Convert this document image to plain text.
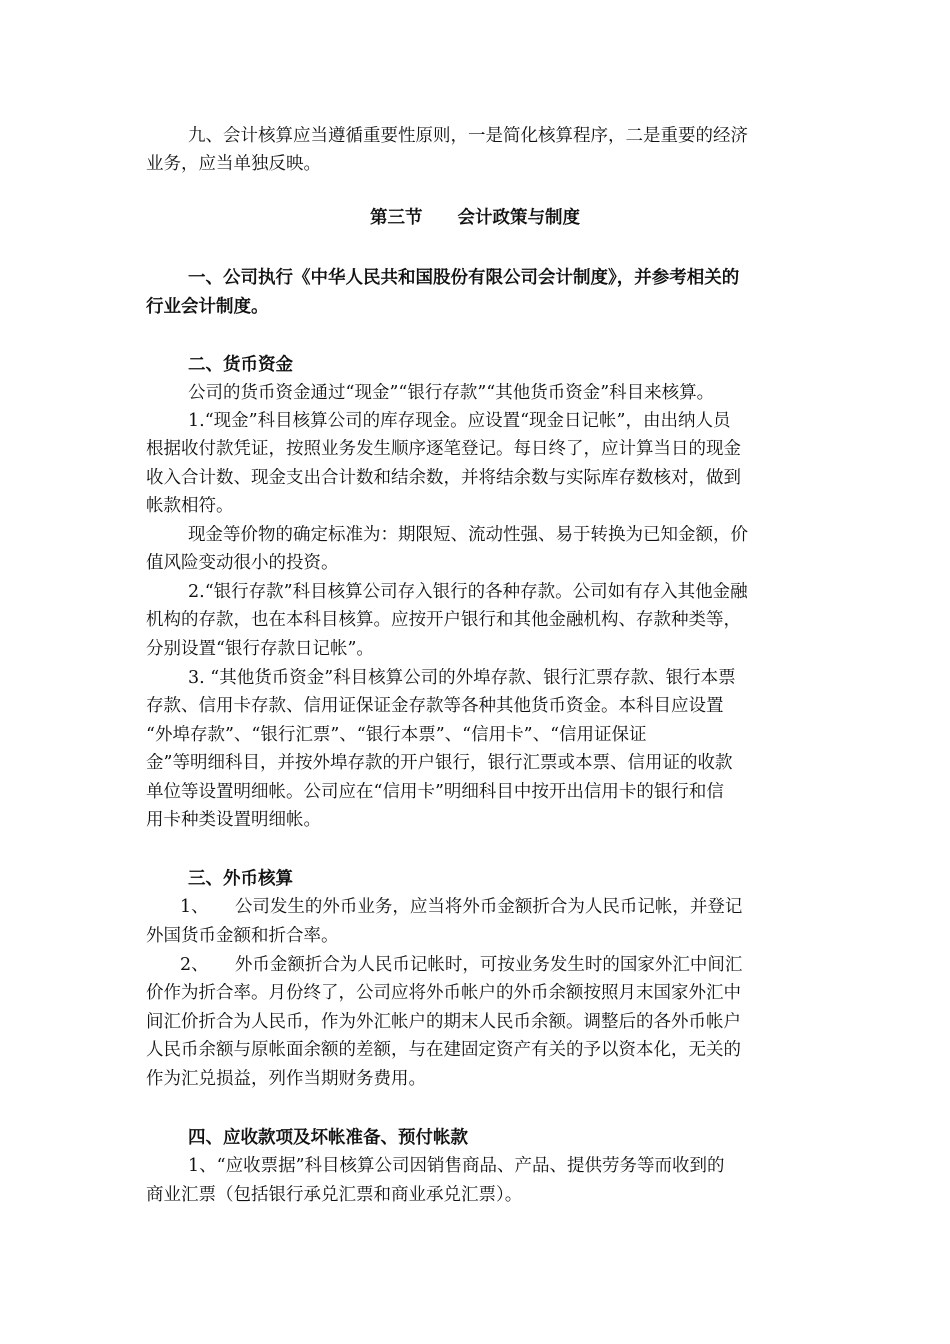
九、会计核算应当遵循重要性原则，一是简化核算程序，二是重要的经济
业务，应当单独反映。
第三节　　会计政策与制度
一、公司执行《中华人民共和国股份有限公司会计制度》，并参考相关的
行业会计制度。
二、货币资金
公司的货币资金通过“现金”“银行存款”“其他货币资金”科目来核算。
1.“现金”科目核算公司的库存现金。应设置“现金日记帐”，由出纳人员
根据收付款凭证，按照业务发生顺序逐笔登记。每日终了，应计算当日的现金
收入合计数、现金支出合计数和结余数，并将结余数与实际库存数核对，做到
帐款相符。
现金等价物的确定标准为：期限短、流动性强、易于转换为已知金额，价
值风险变动很小的投资。
2.“银行存款”科目核算公司存入银行的各种存款。公司如有存入其他金融
机构的存款，也在本科目核算。应按开户银行和其他金融机构、存款种类等，
分别设置“银行存款日记帐”。
3. “其他货币资金”科目核算公司的外埠存款、银行汇票存款、银行本票
存款、信用卡存款、信用证保证金存款等各种其他货币资金。本科目应设置
“外埠存款”、“银行汇票”、“银行本票”、“信用卡”、“信用证保证
金”等明细科目，并按外埠存款的开户银行，银行汇票或本票、信用证的收款
单位等设置明细帐。公司应在“信用卡”明细科目中按开出信用卡的银行和信
用卡种类设置明细帐。
三、外币核算
1、　　公司发生的外币业务，应当将外币金额折合为人民币记帐，并登记
外国货币金额和折合率。
2、　　外币金额折合为人民币记帐时，可按业务发生时的国家外汇中间汇
价作为折合率。月份终了，公司应将外币帐户的外币余额按照月末国家外汇中
间汇价折合为人民币，作为外汇帐户的期末人民币余额。调整后的各外币帐户
人民币余额与原帐面余额的差额，与在建固定资产有关的予以资本化，无关的
作为汇兑损益，列作当期财务费用。
四、应收款项及坏帐准备、预付帐款
1、“应收票据”科目核算公司因销售商品、产品、提供劳务等而收到的
商业汇票（包括银行承兑汇票和商业承兑汇票）。
